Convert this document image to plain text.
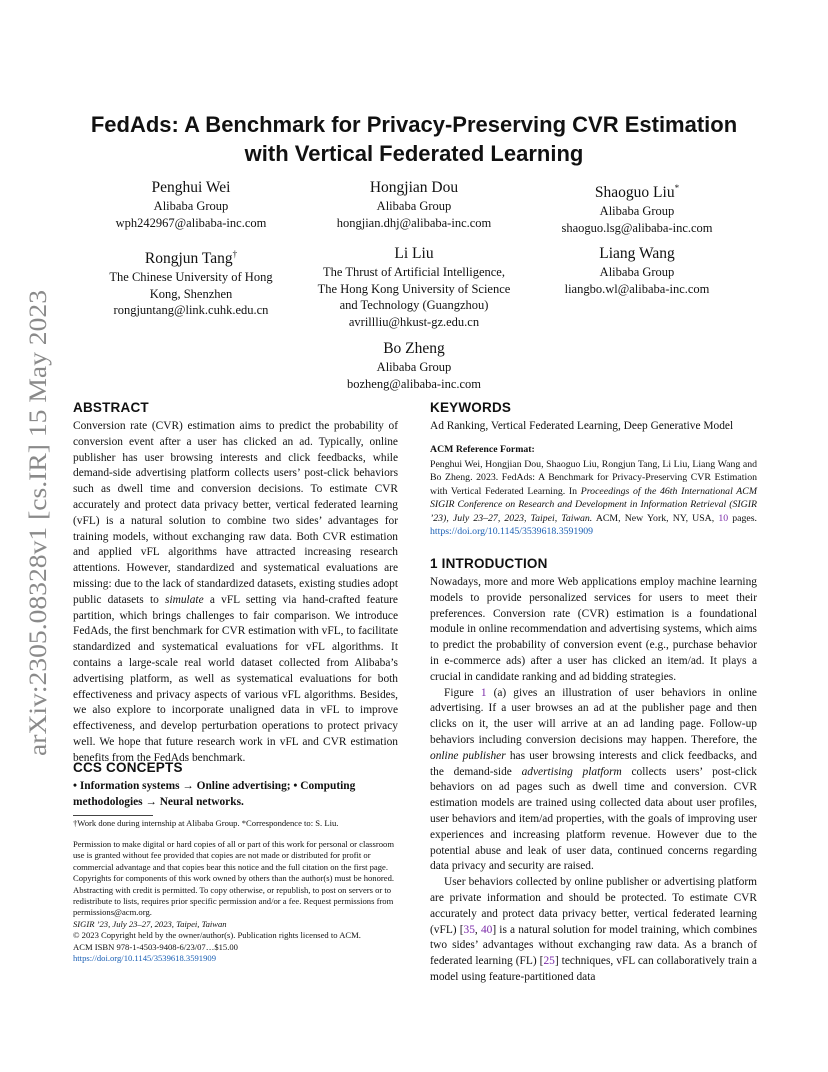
arXiv:2305.08328v1 [cs.IR] 15 May 2023
FedAds: A Benchmark for Privacy-Preserving CVR Estimation
with Vertical Federated Learning
Penghui Wei
Alibaba Group
wph242967@alibaba-inc.com
Hongjian Dou
Alibaba Group
hongjian.dhj@alibaba-inc.com
Shaoguo Liu*
Alibaba Group
shaoguo.lsg@alibaba-inc.com
Rongjun Tang†
The Chinese University of Hong
Kong, Shenzhen
rongjuntang@link.cuhk.edu.cn
Li Liu
The Thrust of Artificial Intelligence,
The Hong Kong University of Science
and Technology (Guangzhou)
avrillliu@hkust-gz.edu.cn
Liang Wang
Alibaba Group
liangbo.wl@alibaba-inc.com
Bo Zheng
Alibaba Group
bozheng@alibaba-inc.com
ABSTRACT

Conversion rate (CVR) estimation aims to predict the probability of conversion event after a user has clicked an ad. Typically, online publisher has user browsing interests and click feedbacks, while demand-side advertising platform collects users’ post-click behaviors such as dwell time and conversion decisions. To estimate CVR accurately and protect data privacy better, vertical federated learning (vFL) is a natural solution to combine two sides’ advantages for training models, without exchanging raw data. Both CVR estimation and applied vFL algorithms have attracted increasing research attentions. However, standardized and systematical evaluations are missing: due to the lack of standardized datasets, existing studies adopt public datasets to simulate a vFL setting via hand-crafted feature partition, which brings challenges to fair comparison. We introduce FedAds, the first benchmark for CVR estimation with vFL, to facilitate standardized and systematical evaluations for vFL algorithms. It contains a large-scale real world dataset collected from Alibaba’s advertising platform, as well as systematical evaluations for both effectiveness and privacy aspects of various vFL algorithms. Besides, we also explore to incorporate unaligned data in vFL to improve effectiveness, and develop perturbation operations to protect privacy well. We hope that future research work in vFL and CVR estimation benefits from the FedAds benchmark.

CCS CONCEPTS
• Information systems → Online advertising; • Computing methodologies → Neural networks.
†Work done during internship at Alibaba Group. *Correspondence to: S. Liu.
Permission to make digital or hard copies of all or part of this work for personal or classroom use is granted without fee provided that copies are not made or distributed for profit or commercial advantage and that copies bear this notice and the full citation on the first page. Copyrights for components of this work owned by others than the author(s) must be honored. Abstracting with credit is permitted. To copy otherwise, or republish, to post on servers or to redistribute to lists, requires prior specific permission and/or a fee. Request permissions from permissions@acm.org.
SIGIR ’23, July 23–27, 2023, Taipei, Taiwan
© 2023 Copyright held by the owner/author(s). Publication rights licensed to ACM.
ACM ISBN 978-1-4503-9408-6/23/07…$15.00
https://doi.org/10.1145/3539618.3591909
KEYWORDS
Ad Ranking, Vertical Federated Learning, Deep Generative Model
ACM Reference Format:

Penghui Wei, Hongjian Dou, Shaoguo Liu, Rongjun Tang, Li Liu, Liang Wang and Bo Zheng. 2023. FedAds: A Benchmark for Privacy-Preserving CVR Estimation with Vertical Federated Learning. In Proceedings of the 46th International ACM SIGIR Conference on Research and Development in Information Retrieval (SIGIR ’23), July 23–27, 2023, Taipei, Taiwan. ACM, New York, NY, USA, 10 pages. https://doi.org/10.1145/3539618.3591909

1 INTRODUCTION

Nowadays, more and more Web applications employ machine learning models to provide personalized services for users to meet their preferences. Conversion rate (CVR) estimation is a foundational module in online recommendation and advertising systems, which aims to predict the probability of conversion event (e.g., purchase behavior in e-commerce ads) after a user has clicked an item/ad. It plays a crucial in candidate ranking and ad bidding strategies.

Figure 1 (a) gives an illustration of user behaviors in online advertising. If a user browses an ad at the publisher page and then clicks on it, the user will arrive at an ad landing page. Follow-up behaviors including conversion decisions may happen. Therefore, the online publisher has user browsing interests and click feedbacks, and the demand-side advertising platform collects users’ post-click behaviors on ad pages such as dwell time and conversion. CVR estimation models are trained using collected data about user profiles, user behaviors and item/ad properties, with the goals of improving user experiences and increasing platform revenue. However due to the potential abuse and leak of user data, continued concerns regarding data privacy and security are raised.

User behaviors collected by online publisher or advertising platform are private information and should be protected. To estimate CVR accurately and protect data privacy better, vertical federated learning (vFL) [35, 40] is a natural solution for model training, which combines two sides’ advantages without exchanging raw data. As a branch of federated learning (FL) [25] techniques, vFL can collaboratively train a model using feature-partitioned data
